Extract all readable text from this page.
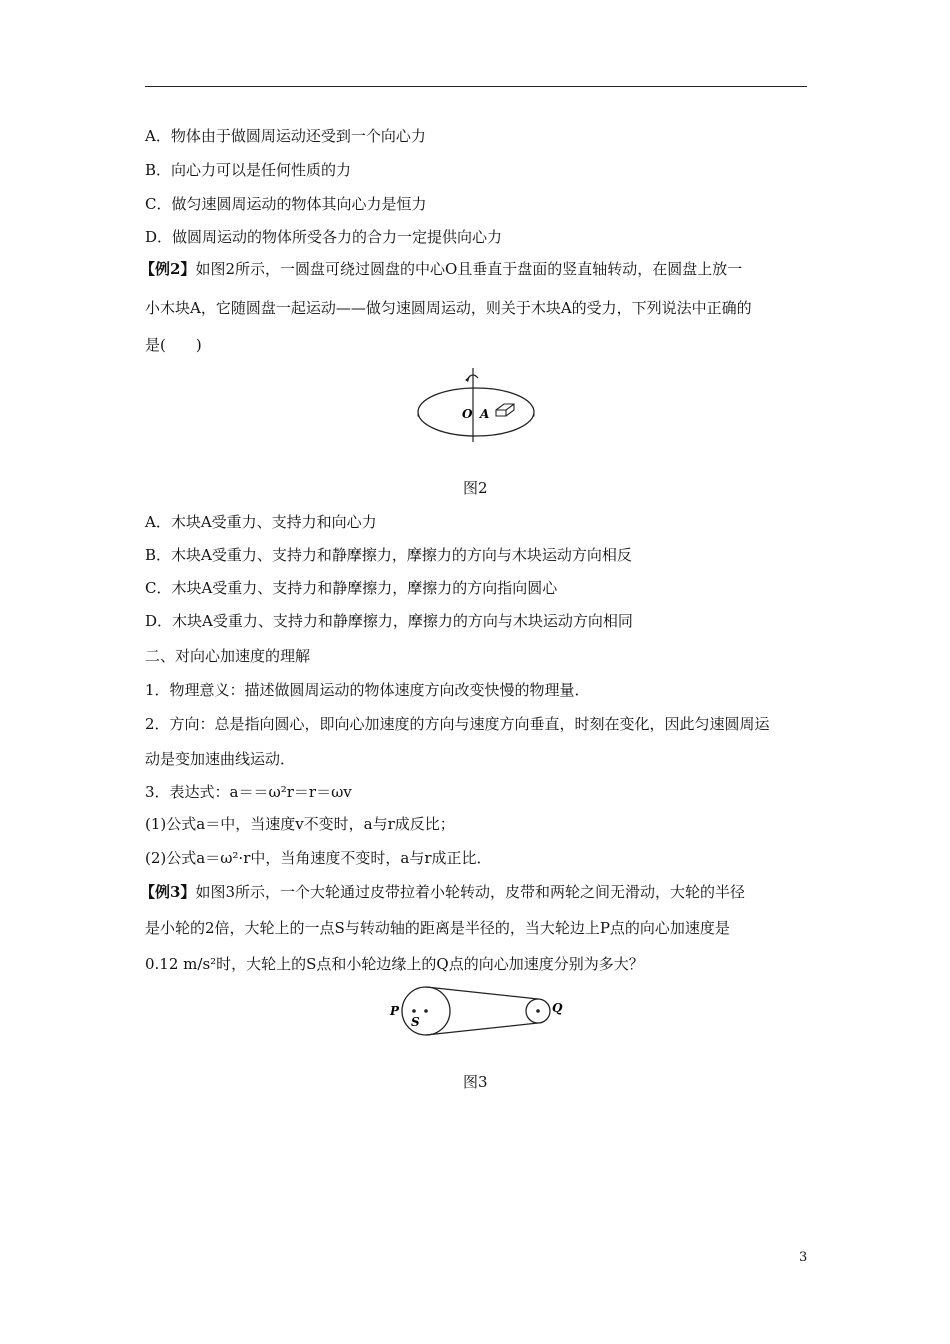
A．物体由于做圆周运动还受到一个向心力
B．向心力可以是任何性质的力
C．做匀速圆周运动的物体其向心力是恒力
D．做圆周运动的物体所受各力的合力一定提供向心力
【例2】如图2所示，一圆盘可绕过圆盘的中心O且垂直于盘面的竖直轴转动，在圆盘上放一
小木块A，它随圆盘一起运动——做匀速圆周运动，则关于木块A的受力，下列说法中正确的
是(　　)
O A
图2
A．木块A受重力、支持力和向心力
B．木块A受重力、支持力和静摩擦力，摩擦力的方向与木块运动方向相反
C．木块A受重力、支持力和静摩擦力，摩擦力的方向指向圆心
D．木块A受重力、支持力和静摩擦力，摩擦力的方向与木块运动方向相同
二、对向心加速度的理解
1．物理意义：描述做圆周运动的物体速度方向改变快慢的物理量．
2．方向：总是指向圆心，即向心加速度的方向与速度方向垂直，时刻在变化，因此匀速圆周运
动是变加速曲线运动．
3．表达式：a＝＝ω²r＝r＝ωv
(1)公式a＝中，当速度v不变时，a与r成反比；
(2)公式a＝ω²·r中，当角速度不变时，a与r成正比．
【例3】如图3所示，一个大轮通过皮带拉着小轮转动，皮带和两轮之间无滑动，大轮的半径
是小轮的2倍，大轮上的一点S与转动轴的距离是半径的，当大轮边上P点的向心加速度是
0.12 m/s²时，大轮上的S点和小轮边缘上的Q点的向心加速度分别为多大？
P
S
Q
图3
3
